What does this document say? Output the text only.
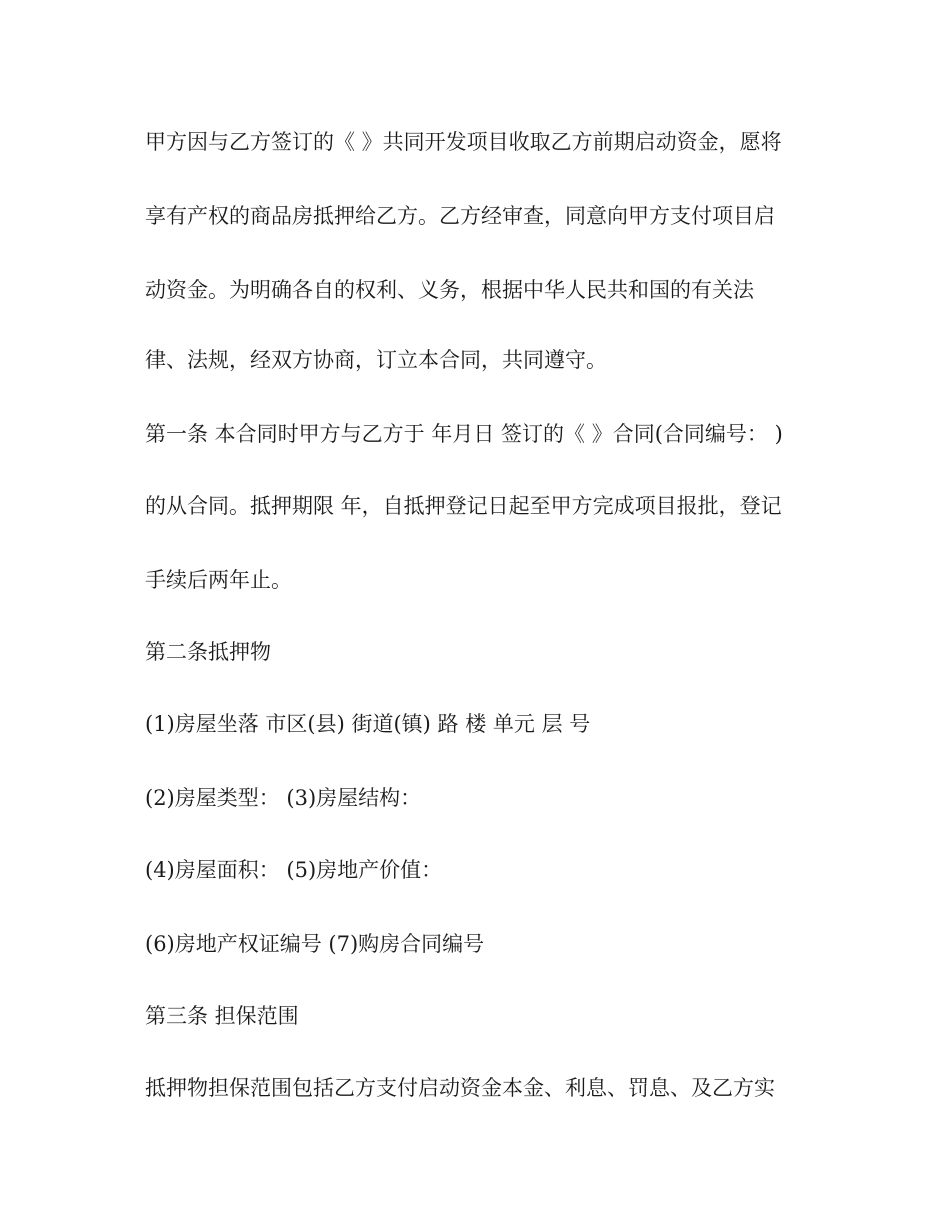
甲方因与乙方签订的《 》共同开发项目收取乙方前期启动资金，愿将
享有产权的商品房抵押给乙方。乙方经审查，同意向甲方支付项目启
动资金。为明确各自的权利、义务，根据中华人民共和国的有关法
律、法规，经双方协商，订立本合同，共同遵守。
第一条 本合同时甲方与乙方于 年月日 签订的《 》合同(合同编号： )
的从合同。抵押期限 年，自抵押登记日起至甲方完成项目报批，登记
手续后两年止。
第二条抵押物
(1)房屋坐落 市区(县) 街道(镇) 路 楼 单元 层 号
(2)房屋类型： (3)房屋结构：
(4)房屋面积： (5)房地产价值：
(6)房地产权证编号 (7)购房合同编号
第三条 担保范围
抵押物担保范围包括乙方支付启动资金本金、利息、罚息、及乙方实
